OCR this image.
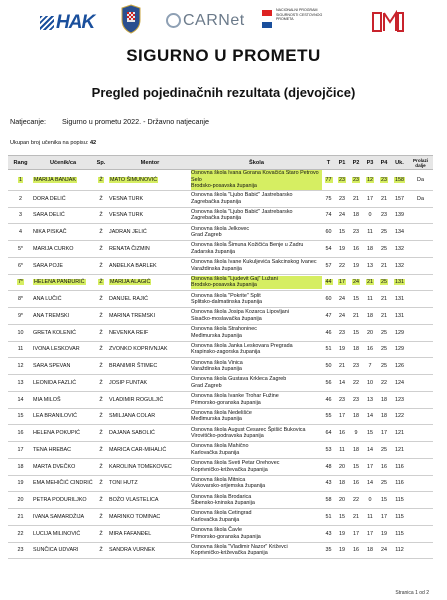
HAK	CARNet
NACIONALNI PROGRAM SIGURNOSTI CESTOVNOG PROMETA
SIGURNO U PROMETU
Pregled pojedinačnih rezultata (djevojčice)
Natjecanje: Sigurno u prometu 2022. - Državno natjecanje
Ukupan broj učenika na popisu: 42
Rang	Učenik/ca	Sp.	Mentor	Škola	T	P1	P2	P3	P4	Uk.	Prolazi dalje
1	MARIJA BANJAK	Ž	MATO ŠIMUNOVIĆ	Osnovna škola Ivana Gorana Kovačića Staro Petrovo Selo
Brodsko-posavska županija	77	23	23	12	23	158	Da
2	DORA DELIĆ	Ž	VESNA TURK	Osnovna škola "Ljubo Babić" Jastrebarsko
Zagrebačka županija	75	23	21	17	21	157	Da
3	SARA DELIĆ	Ž	VESNA TURK	Osnovna škola "Ljubo Babić" Jastrebarsko
Zagrebačka županija	74	24	18	0	23	139	
4	NIKA PISKAČ	Ž	JADRAN JELIĆ	Osnovna škola Jelkovec
Grad Zagreb	60	15	23	11	25	134	
5*	MARIJA CURKO	Ž	RENATA ČIZMIN	Osnovna škola Šimuna Kožičića Benje u Zadru
Zadarska županija	54	19	16	18	25	132	
6*	SARA POJE	Ž	ANĐELKA BARLEK	Osnovna škola Ivane Kukuljevića Sakcinskog Ivanec
Varaždinska županija	57	22	19	13	21	132	
7*	HELENA PANĐURIĆ	Ž	MARIJA ALAGIĆ	Osnovna škola "Ljudevit Gaj" Lužani
Brodsko-posavska županija	44	17	24	21	25	131	
8*	ANA LUČIĆ	Ž	DANIJEL RAJIĆ	Osnovna škola "Pokrite" Split
Splitsko-dalmatinska županija	60	24	15	11	21	131	
9*	ANA TREMSKI	Ž	MARINA TREMSKI	Osnovna škola Josipa Kozarca Lipovljani
Sisačko-moslavačka županija	47	24	21	18	21	131	
10	GRETA KOLENIĆ	Ž	NEVENKA REIF	Osnovna škola Strahoninec
Međimurska županija	46	23	15	20	25	129	
11	IVONA LESKOVAR	Ž	ZVONKO KOPRIVNJAK	Osnovna škola Janka Leskovara Pregrada
Krapinsko-zagorska županija	51	19	18	16	25	129	
12	SARA SPEVAN	Ž	BRANIMIR ŠTIMEC	Osnovna škola Vinica
Varaždinska županija	50	21	23	7	25	126	
13	LEONIDA FAZLIĆ	Ž	JOSIP FUNTAK	Osnovna škola Gustava Krkleca Zagreb
Grad Zagreb	56	14	22	10	22	124	
14	MIA MILOŠ	Ž	VLADIMIR ROGULJIĆ	Osnovna škola Ivanke Trohar Fužine
Primorsko-goranska županija	46	23	23	13	18	123	
15	LEA BRANILOVIĆ	Ž	SMILJANA COLAR	Osnovna škola Nedelišće
Međimurska županija	55	17	18	14	18	122	
16	HELENA POKUPIĆ	Ž	DAJANA SABOLIĆ	Osnovna škola August Cesarec Špišić Bukovica
Virovitičko-podravska županija	64	16	9	15	17	121	
17	TENA HREBAC	Ž	MARICA CAR-MIHALIĆ	Osnovna škola Mahično
Karlovačka županija	53	11	18	14	25	121	
18	MARTA DVEČKO	Ž	KAROLINA TOMEKOVEC	Osnovna škola Sveti Petar Orehovec
Koprivničko-križevačka županija	48	20	15	17	16	116	
19	EMA MEHIČIĆ CINDRIĆ	Ž	TONI HUTZ	Osnovna škola Mitnica
Vukovarsko-srijemska županija	43	18	16	14	25	116	
20	PETRA PODURILJKO	Ž	BOŽO VLASTELICA	Osnovna škola Brodarica
Šibensko-kninska županija	58	20	22	0	15	115	
21	IVANA SAMARDŽIJA	Ž	MARINKO TOMINAC	Osnovna škola Cetingrad
Karlovačka županija	51	15	21	11	17	115	
22	LUCIJA MILINOVIĆ	Ž	MIRA FAFANĐEL	Osnovna škola Čavle
Primorsko-goranska županija	43	19	17	17	19	115	
23	SUNČICA UDVARI	Ž	SANDRA VURNEK	Osnovna škola "Vladimir Nazor" Križevci
Koprivničko-križevačka županija	35	19	16	18	24	112	
Stranica 1 od 2
